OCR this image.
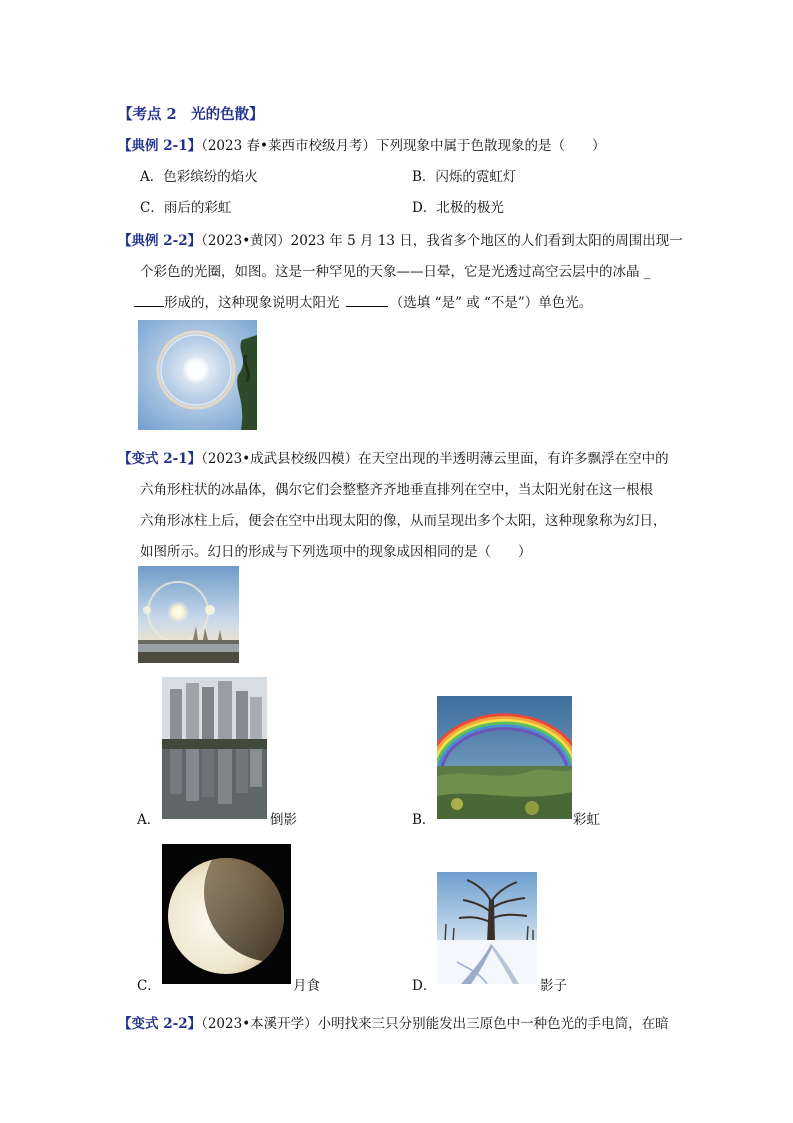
【考点 2　光的色散】
【典例 2-1】（2023 春•莱西市校级月考）下列现象中属于色散现象的是（　　）
A．色彩缤纷的焰火	B．闪烁的霓虹灯
C．雨后的彩虹	D．北极的极光
【典例 2-2】（2023•黄冈）2023 年 5 月 13 日，我省多个地区的人们看到太阳的周围出现一
个彩色的光圈，如图。这是一种罕见的天象——日晕，它是光透过高空云层中的冰晶 _
形成的，这种现象说明太阳光	（选填 “是” 或 “不是”）单色光。
【变式 2-1】（2023•成武县校级四模）在天空出现的半透明薄云里面，有许多飘浮在空中的
六角形柱状的冰晶体，偶尔它们会整整齐齐地垂直排列在空中，当太阳光射在这一根根
六角形冰柱上后，便会在空中出现太阳的像，从而呈现出多个太阳，这种现象称为幻日，
如图所示。幻日的形成与下列选项中的现象成因相同的是（　　）
A．	倒影	B．	彩虹
C．	月食	D．	影子
【变式 2-2】（2023•本溪开学）小明找来三只分别能发出三原色中一种色光的手电筒，在暗
